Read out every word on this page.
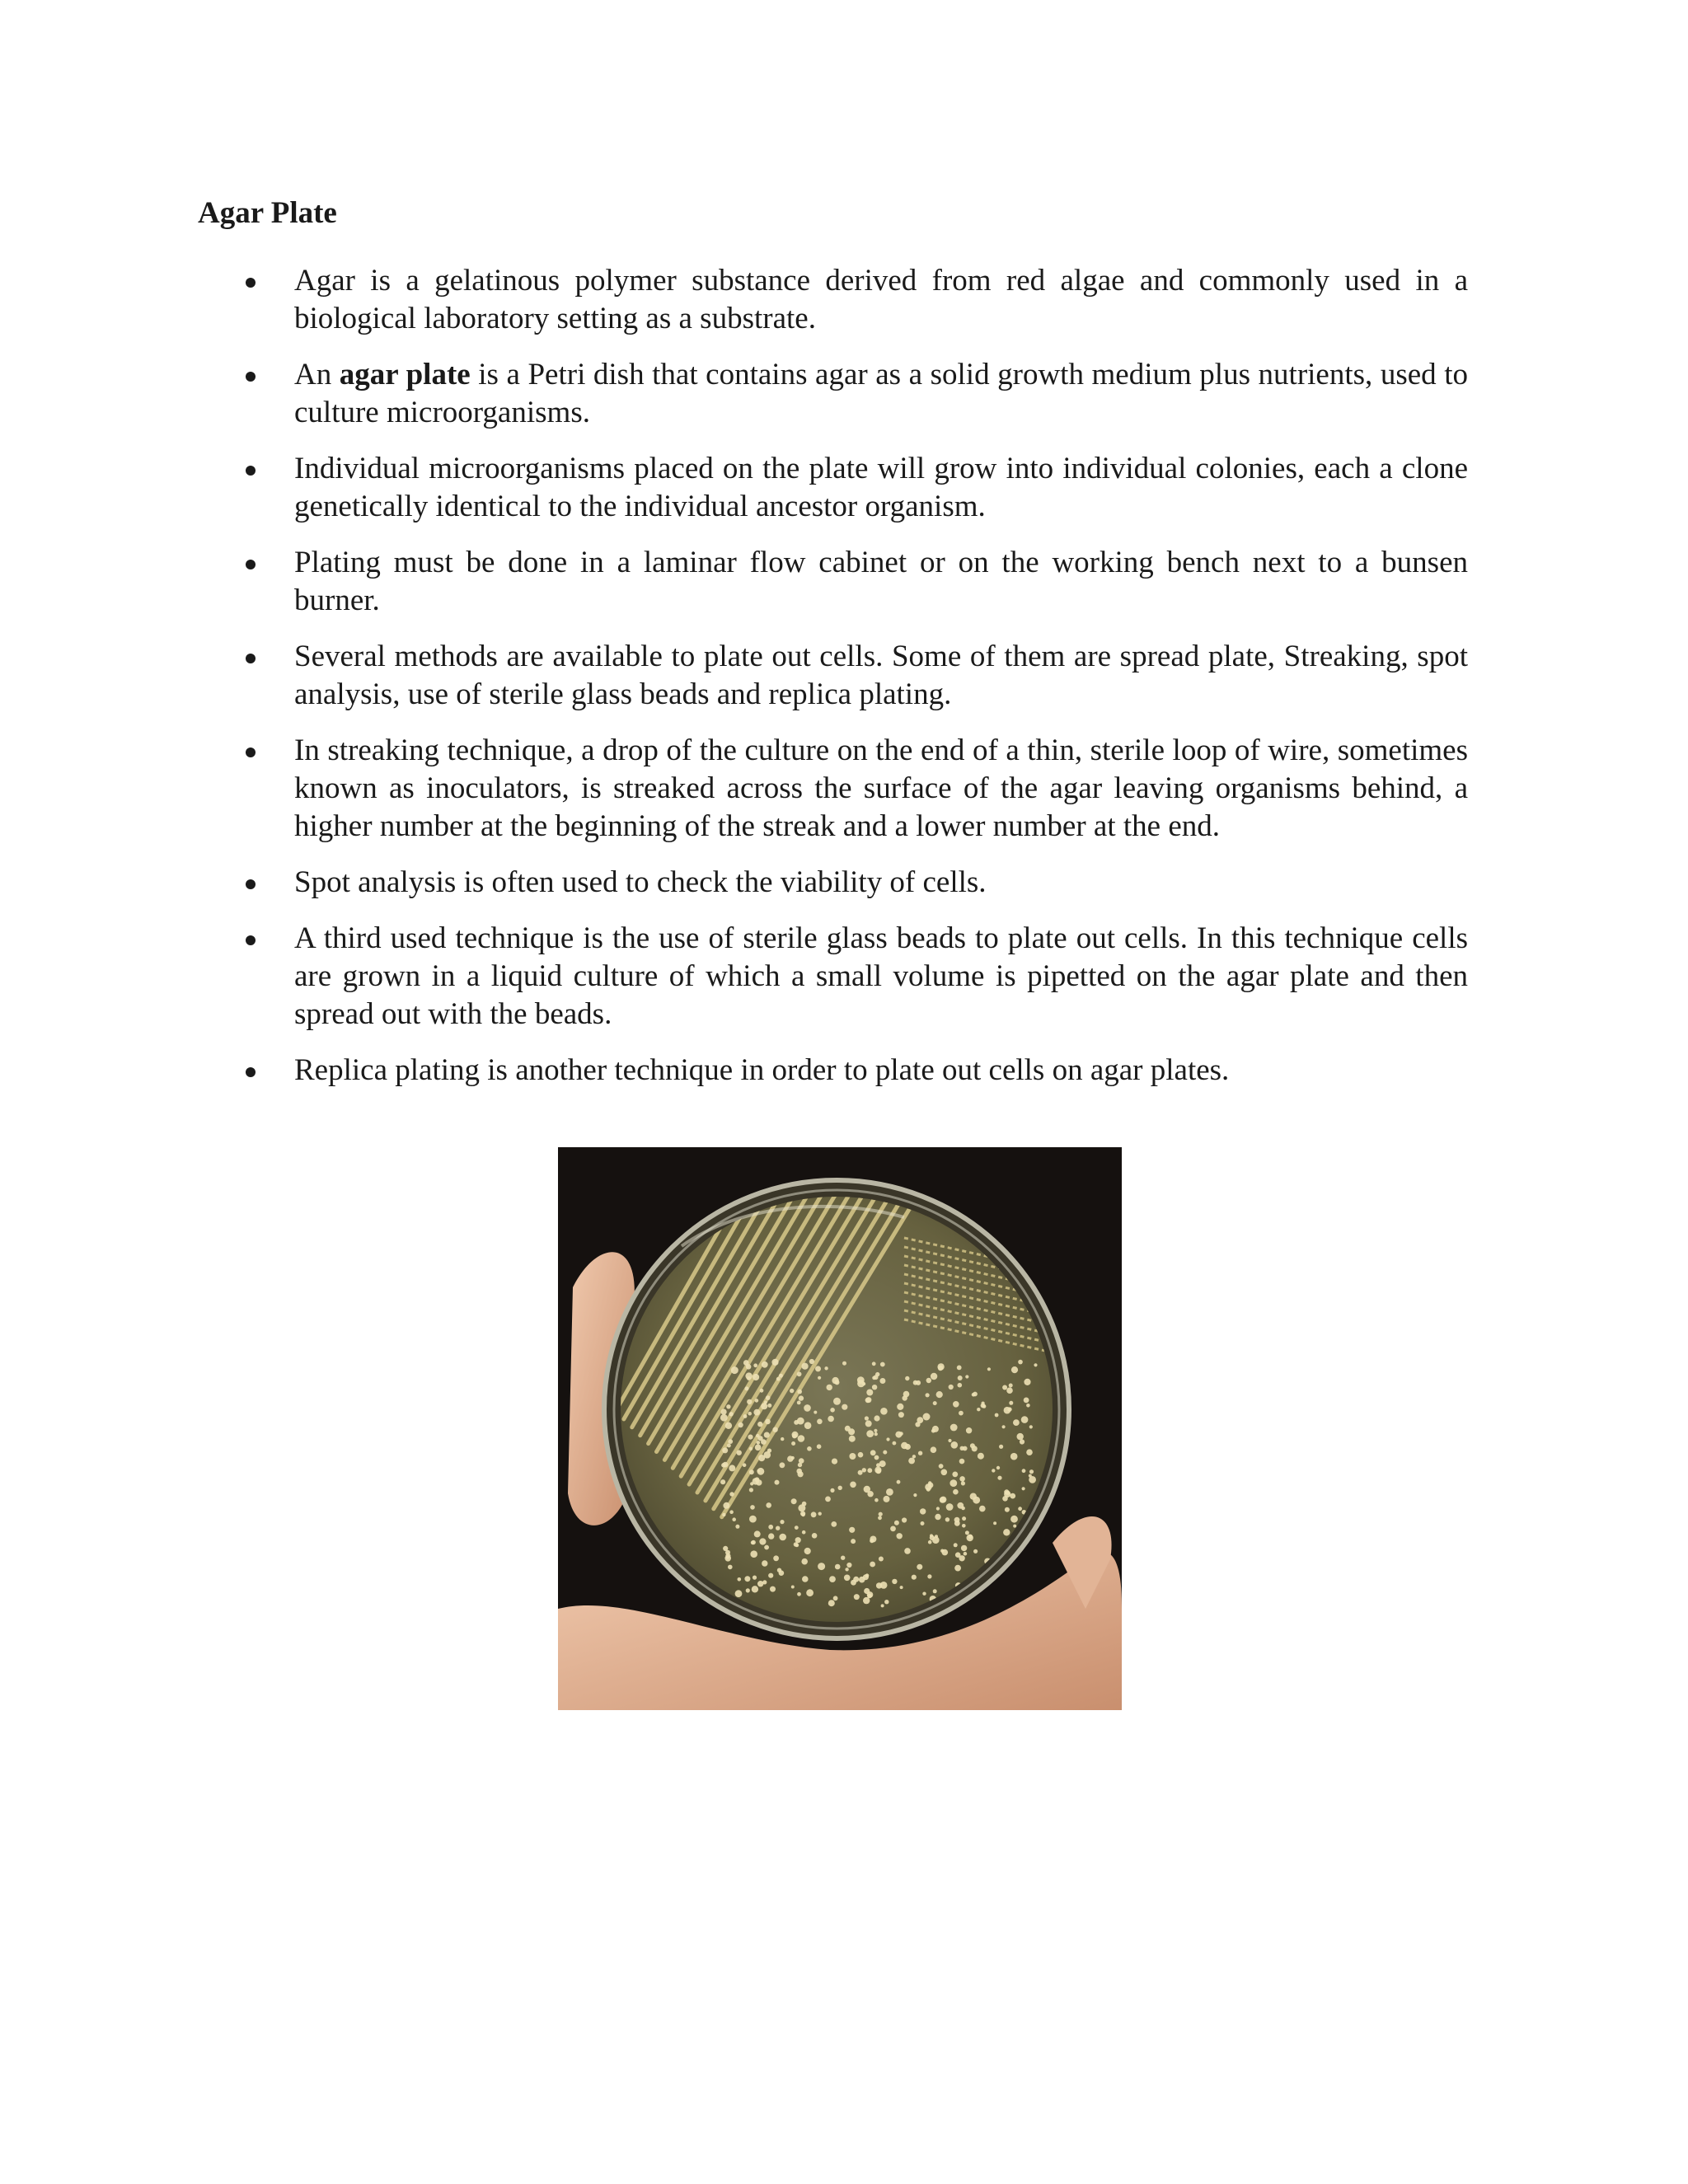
Agar Plate
Agar is a gelatinous polymer substance derived from red algae and commonly used in a biological laboratory setting as a substrate.
An agar plate is a Petri dish that contains agar as a solid growth medium plus nutrients, used to culture microorganisms.
Individual microorganisms placed on the plate will grow into individual colonies, each a clone genetically identical to the individual ancestor organism.
Plating must be done in a laminar flow cabinet or on the working bench next to a bunsen burner.
Several methods are available to plate out cells. Some of them are spread plate, Streaking, spot analysis, use of sterile glass beads and replica plating.
In streaking technique, a drop of the culture on the end of a thin, sterile loop of wire, sometimes known as inoculators, is streaked across the surface of the agar leaving organisms behind, a higher number at the beginning of the streak and a lower number at the end.
Spot analysis is often used to check the viability of cells.
A third used technique is the use of sterile glass beads to plate out cells. In this technique cells are grown in a liquid culture of which a small volume is pipetted on the agar plate and then spread out with the beads.
Replica plating is another technique in order to plate out cells on agar plates.
